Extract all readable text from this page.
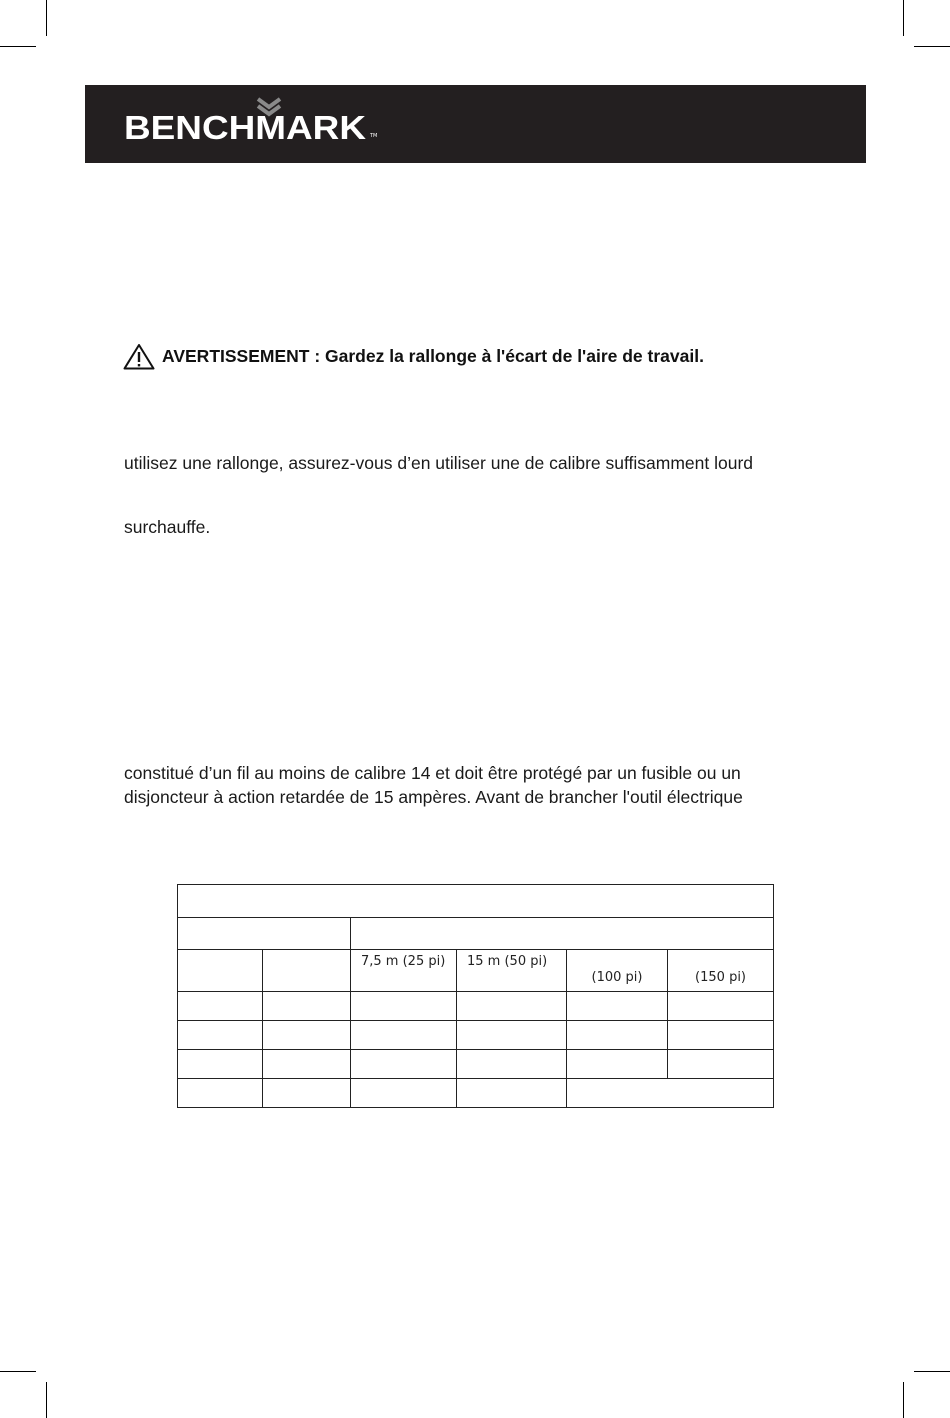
BENCHMARK TM
AVERTISSEMENT : Gardez la rallonge à l'écart de l'aire de travail.
utilisez une rallonge, assurez-vous d’en utiliser une de calibre suffisamment lourd
surchauffe.
constitué d’un fil au moins de calibre 14 et doit être protégé par un fusible ou un
disjoncteur à action retardée de 15 ampères. Avant de brancher l'outil électrique

		7,5 m (25 pi)	15 m (50 pi)	(100 pi)	(150 pi)
